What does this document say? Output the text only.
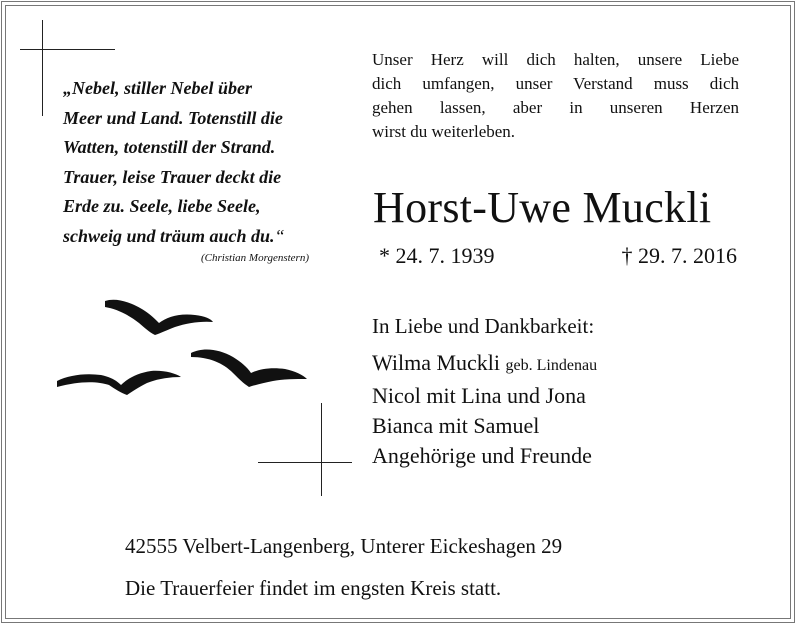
„Nebel, stiller Nebel über
Meer und Land. Totenstill die
Watten, totenstill der Strand.
Trauer, leise Trauer deckt die
Erde zu. Seele, liebe Seele,
schweig und träum auch du.“
(Christian Morgenstern)
Unser Herz will dich halten, unsere Liebe
dich umfangen, unser Verstand muss dich
gehen lassen, aber in unseren Herzen
wirst du weiterleben.
Horst-Uwe Muckli
* 24. 7. 1939	† 29. 7. 2016
In Liebe und Dankbarkeit:
Wilma Muckli geb. Lindenau
Nicol mit Lina und Jona
Bianca mit Samuel
Angehörige und Freunde
42555 Velbert-Langenberg, Unterer Eickeshagen 29
Die Trauerfeier findet im engsten Kreis statt.
